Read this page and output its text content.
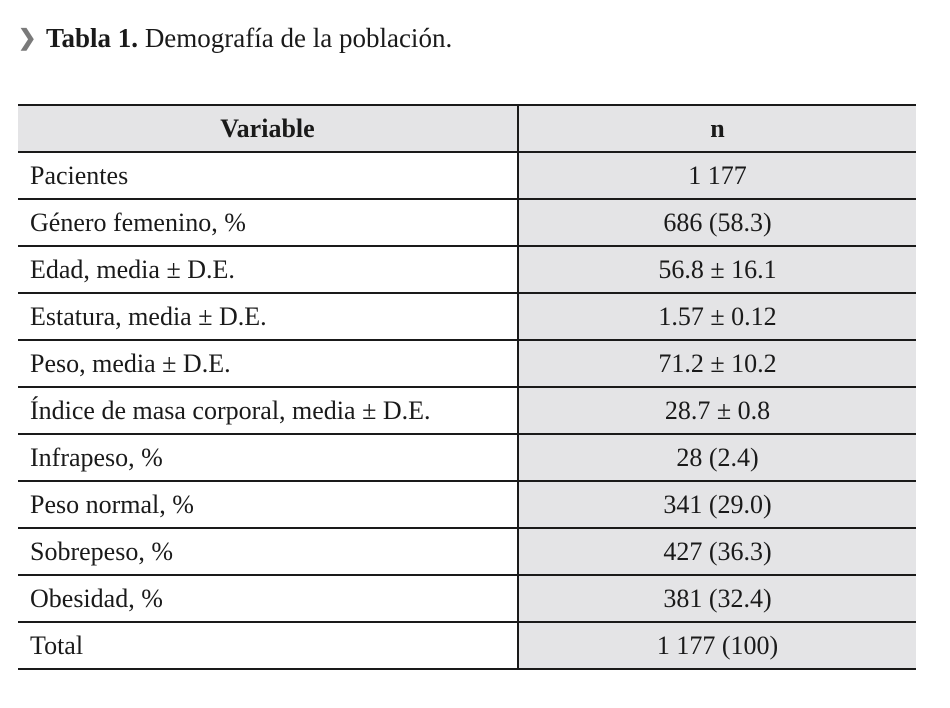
❯ Tabla 1. Demografía de la población.
Variable	n
Pacientes	1 177
Género femenino, %	686 (58.3)
Edad, media ± D.E.	56.8 ± 16.1
Estatura, media ± D.E.	1.57 ± 0.12
Peso, media ± D.E.	71.2 ± 10.2
Índice de masa corporal, media ± D.E.	28.7 ± 0.8
Infrapeso, %	28 (2.4)
Peso normal, %	341 (29.0)
Sobrepeso, %	427 (36.3)
Obesidad, %	381 (32.4)
Total	1 177 (100)
